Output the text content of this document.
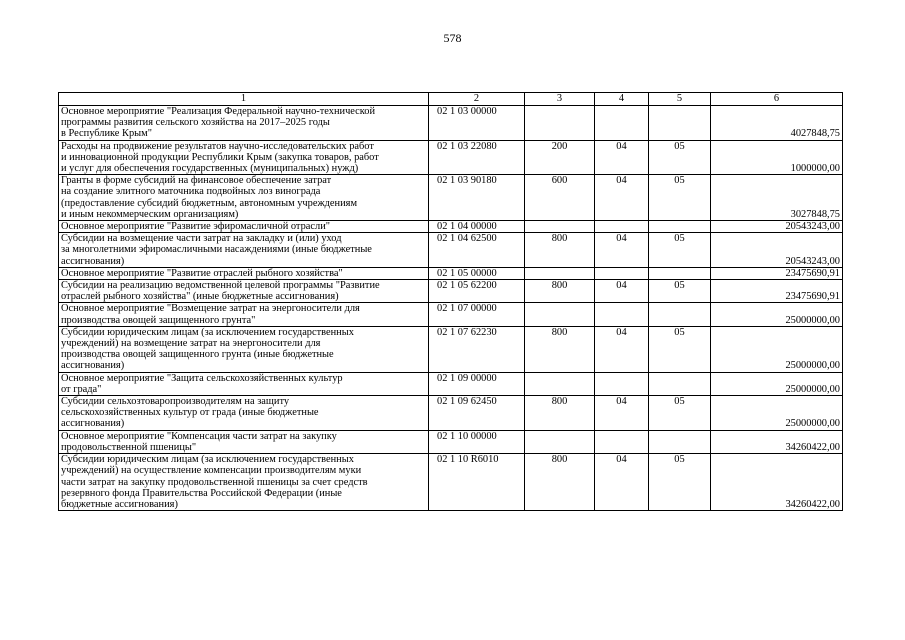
578
1	2	3	4	5	6
Основное мероприятие "Реализация Федеральной научно-технической
программы развития сельского хозяйства на 2017–2025 годы
в Республике Крым"	02 1 03 00000				4027848,75
Расходы на продвижение результатов научно-исследовательских работ
и инновационной продукции Республики Крым (закупка товаров, работ
и услуг для обеспечения государственных (муниципальных) нужд)	02 1 03 22080	200	04	05	1000000,00
Гранты в форме субсидий на финансовое обеспечение затрат
на создание элитного маточника подвойных лоз винограда
(предоставление субсидий бюджетным, автономным учреждениям
и иным некоммерческим организациям)	02 1 03 90180	600	04	05	3027848,75
Основное мероприятие "Развитие эфиромасличной отрасли"	02 1 04 00000				20543243,00
Субсидии на возмещение части затрат на закладку и (или) уход
за многолетними эфиромасличными насаждениями (иные бюджетные
ассигнования)	02 1 04 62500	800	04	05	20543243,00
Основное мероприятие "Развитие отраслей рыбного хозяйства"	02 1 05 00000				23475690,91
Субсидии на реализацию ведомственной целевой программы "Развитие
отраслей рыбного хозяйства" (иные бюджетные ассигнования)	02 1 05 62200	800	04	05	23475690,91
Основное мероприятие "Возмещение затрат на энергоносители для
производства овощей защищенного грунта"	02 1 07 00000				25000000,00
Субсидии юридическим лицам (за исключением государственных
учреждений) на возмещение затрат на энергоносители для
производства овощей защищенного грунта (иные бюджетные
ассигнования)	02 1 07 62230	800	04	05	25000000,00
Основное мероприятие "Защита сельскохозяйственных культур
от града"	02 1 09 00000				25000000,00
Субсидии сельхозтоваропроизводителям на защиту
сельскохозяйственных культур от града (иные бюджетные
ассигнования)	02 1 09 62450	800	04	05	25000000,00
Основное мероприятие "Компенсация части затрат на закупку
продовольственной пшеницы"	02 1 10 00000				34260422,00
Субсидии юридическим лицам (за исключением государственных
учреждений) на осуществление компенсации производителям муки
части затрат на закупку продовольственной пшеницы за счет средств
резервного фонда Правительства Российской Федерации (иные
бюджетные ассигнования)	02 1 10 R6010	800	04	05	34260422,00
